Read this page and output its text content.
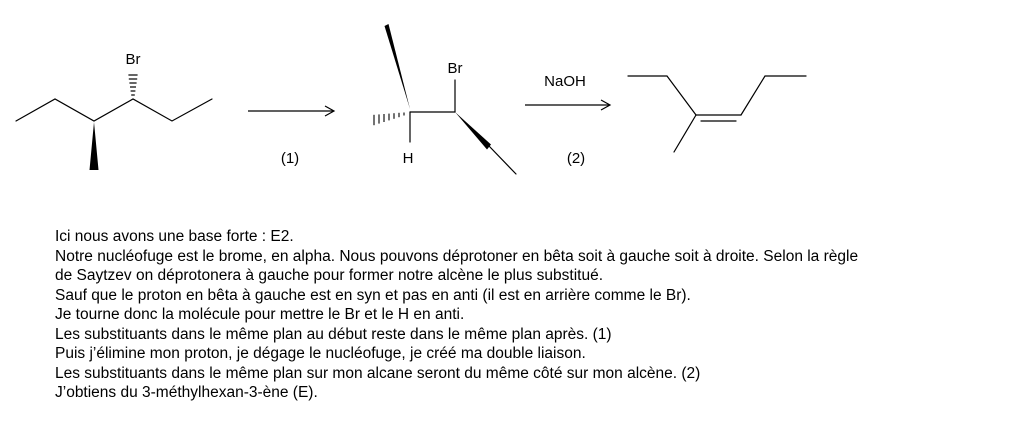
Br
(1)
Br
H
NaOH
(2)
Ici nous avons une base forte : E2.
Notre nucléofuge est le brome, en alpha. Nous pouvons déprotoner en bêta soit à gauche soit à droite. Selon la règle
de Saytzev on déprotonera à gauche pour former notre alcène le plus substitué.
Sauf que le proton en bêta à gauche est en syn et pas en anti (il est en arrière comme le Br).
Je tourne donc la molécule pour mettre le Br et le H en anti.
Les substituants dans le même plan au début reste dans le même plan après. (1)
Puis j’élimine mon proton, je dégage le nucléofuge, je créé ma double liaison.
Les substituants dans le même plan sur mon alcane seront du même côté sur mon alcène. (2)
J’obtiens du 3-méthylhexan-3-ène (E).
